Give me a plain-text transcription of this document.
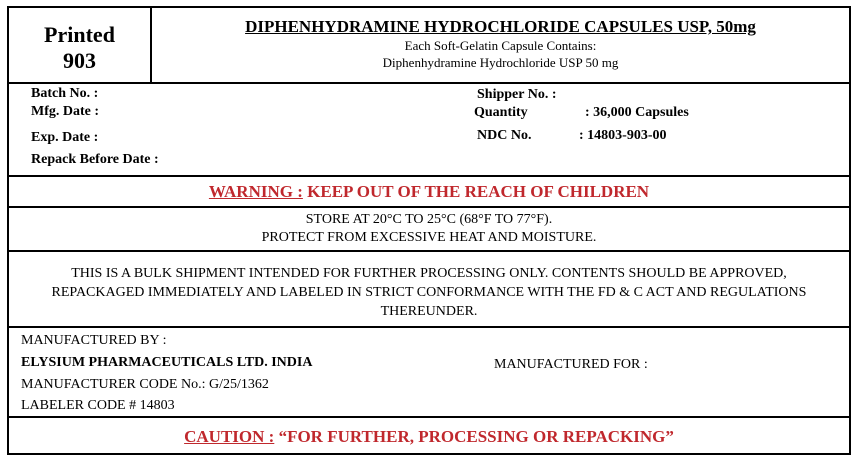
Printed
903
DIPHENHYDRAMINE HYDROCHLORIDE CAPSULES USP, 50mg
Each Soft-Gelatin Capsule Contains:
Diphenhydramine Hydrochloride USP 50 mg
Batch No. :
Mfg. Date :
Exp. Date :
Repack Before Date :
Shipper No. :
Quantity	: 36,000 Capsules
NDC No.	: 14803-903-00
WARNING : KEEP OUT OF THE REACH OF CHILDREN
STORE AT 20°C TO 25°C (68°F TO 77°F).
PROTECT FROM EXCESSIVE HEAT AND MOISTURE.
THIS IS A BULK SHIPMENT INTENDED FOR FURTHER PROCESSING ONLY. CONTENTS SHOULD BE APPROVED, REPACKAGED IMMEDIATELY AND LABELED IN STRICT CONFORMANCE WITH THE FD & C ACT AND REGULATIONS THEREUNDER.
MANUFACTURED BY :
ELYSIUM PHARMACEUTICALS LTD. INDIA
MANUFACTURER CODE No.: G/25/1362
LABELER CODE # 14803
MANUFACTURED FOR :
CAUTION : “FOR FURTHER, PROCESSING OR REPACKING”
